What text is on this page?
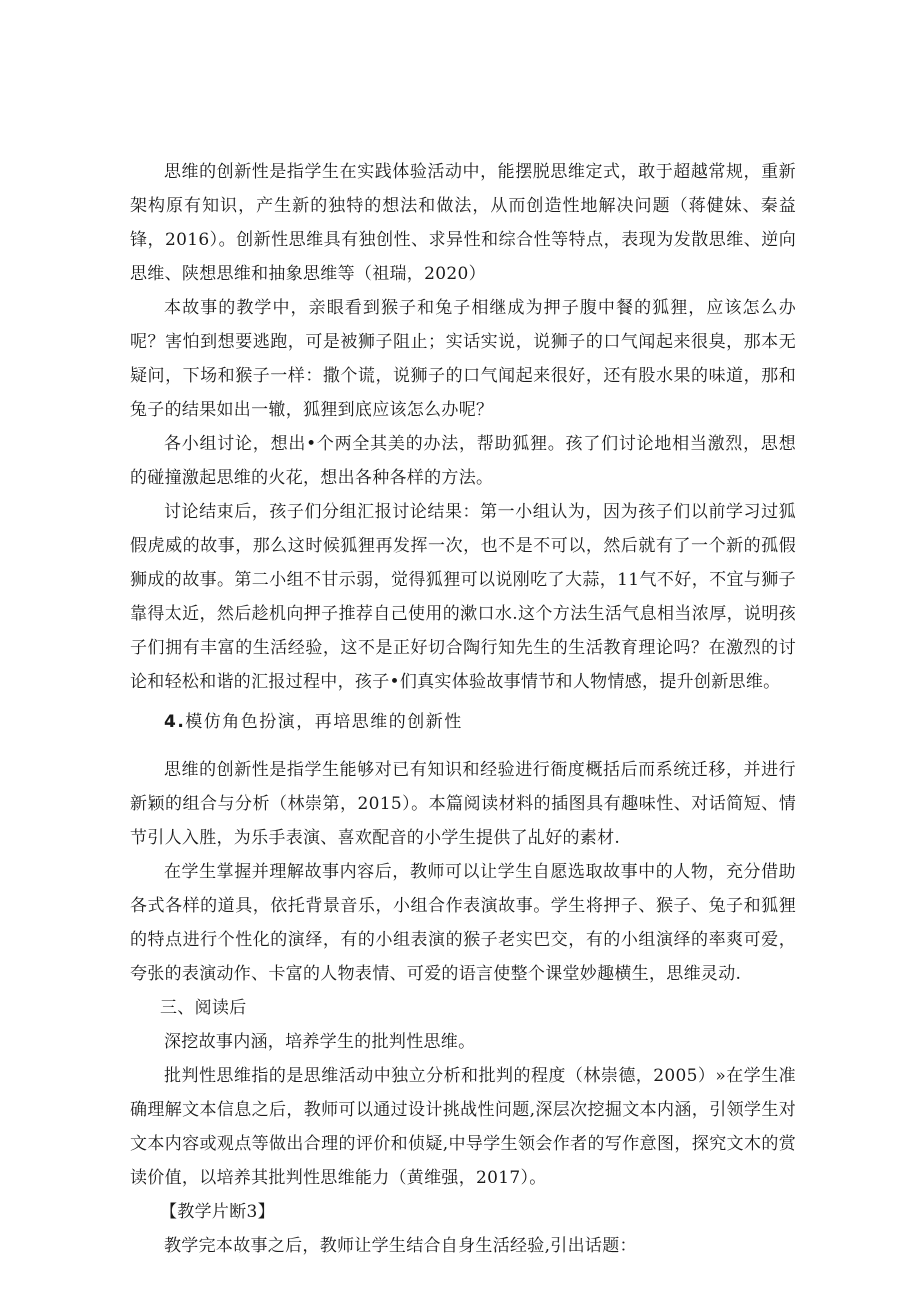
思维的创新性是指学生在实践体验活动中，能摆脱思维定式，敢于超越常规，重新架构原有知识，产生新的独特的想法和做法，从而创造性地解决问题（蒋健妹、秦益锋，2016）。创新性思维具有独创性、求异性和综合性等特点，表现为发散思维、逆向思维、陕想思维和抽象思维等（祖瑞，2020）

本故事的教学中，亲眼看到猴子和兔子相继成为押子腹中餐的狐狸，应该怎么办呢？害怕到想要逃跑，可是被狮子阻止；实话实说，说狮子的口气闻起来很臭，那本无疑问，下场和猴子一样：撒个谎，说狮子的口气闻起来很好，还有股水果的味道，那和兔子的结果如出一辙，狐狸到底应该怎么办呢？

各小组讨论，想出•个两全其美的办法，帮助狐狸。孩了们讨论地相当激烈，思想的碰撞激起思维的火花，想出各种各样的方法。

讨论结束后，孩子们分组汇报讨论结果：第一小组认为，因为孩子们以前学习过狐假虎威的故事，那么这时候狐狸再发挥一次，也不是不可以，然后就有了一个新的孤假狮成的故事。第二小组不甘示弱，觉得狐狸可以说刚吃了大蒜，11气不好，不宜与狮子靠得太近，然后趁机向押子推荐自己使用的漱口水.这个方法生活气息相当浓厚，说明孩子们拥有丰富的生活经验，这不是正好切合陶行知先生的生活教育理论吗？在激烈的讨论和轻松和谐的汇报过程中，孩子•们真实体验故事情节和人物情感，提升创新思维。

4.模仿角色扮演，再培思维的创新性

思维的创新性是指学生能够对已有知识和经验进行衙度概括后而系统迁移，并进行新颖的组合与分析（林崇第，2015）。本篇阅读材料的插图具有趣味性、对话简短、情节引人入胜，为乐手表演、喜欢配音的小学生提供了乩好的素材.

在学生掌握并理解故事内容后，教师可以让学生自愿选取故事中的人物，充分借助各式各样的道具，依托背景音乐，小组合作表演故事。学生将押子、猴子、兔子和狐狸的特点进行个性化的演绎，有的小组表演的猴子老实巴交，有的小组演绎的率爽可爱，夸张的表演动作、卡富的人物表情、可爱的语言使整个课堂妙趣横生，思维灵动.

三、阅读后

深挖故事内涵，培养学生的批判性思维。

批判性思维指的是思维活动中独立分析和批判的程度（林崇德，2005）»在学生准确理解文本信息之后，教师可以通过设计挑战性问题,深层次挖掘文本内涵，引领学生对文本内容或观点等做出合理的评价和侦疑,中导学生领会作者的写作意图，探究文木的赏读价值，以培养其批判性思维能力（黄维强，2017）。

【教学片断3】

教学完本故事之后，教师让学生结合自身生活经验,引出话题：
